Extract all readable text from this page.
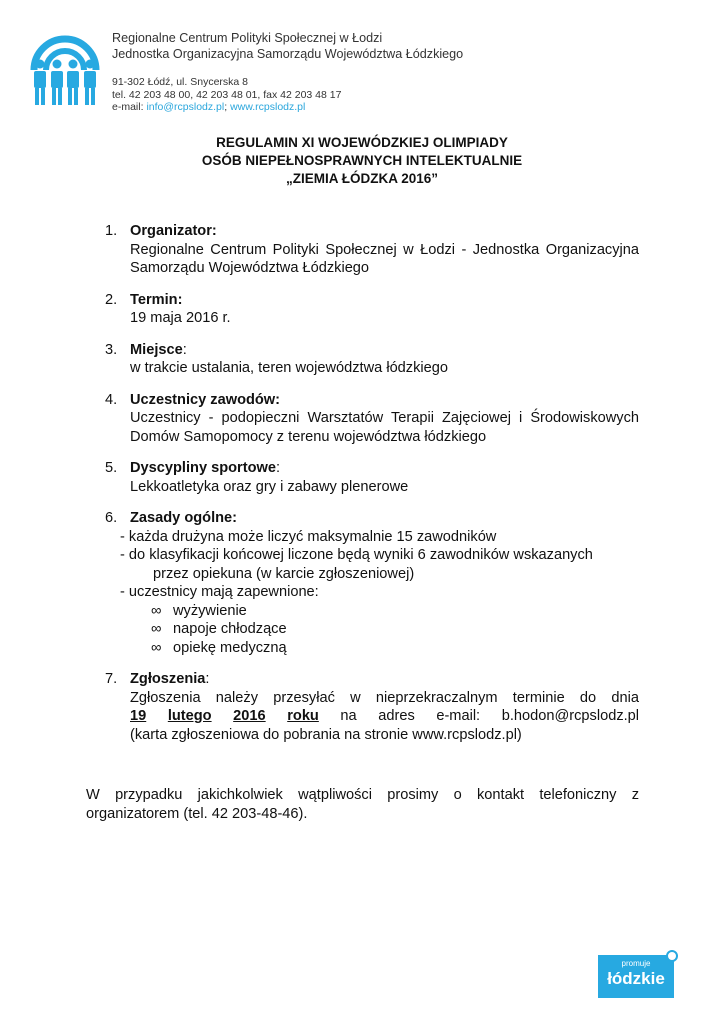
Regionalne Centrum Polityki Społecznej w Łodzi
Jednostka Organizacyjna Samorządu Województwa Łódzkiego
91-302 Łódź, ul. Snycerska 8
tel. 42 203 48 00, 42 203 48 01, fax 42 203 48 17
e-mail: info@rcpslodz.pl; www.rcpslodz.pl
REGULAMIN XI WOJEWÓDZKIEJ OLIMPIADY
OSÓB NIEPEŁNOSPRAWNYCH INTELEKTUALNIE
„ZIEMIA ŁÓDZKA 2016”
1. Organizator:
Regionalne Centrum Polityki Społecznej w Łodzi - Jednostka Organizacyjna Samorządu Województwa Łódzkiego
2. Termin:
19 maja 2016 r.
3. Miejsce :
w trakcie ustalania, teren województwa łódzkiego
4. Uczestnicy zawodów:
Uczestnicy - podopieczni Warsztatów Terapii Zajęciowej i Środowiskowych Domów Samopomocy z terenu województwa łódzkiego
5. Dyscypliny sportowe :
Lekkoatletyka oraz gry i zabawy plenerowe
6. Zasady ogólne:
- każda drużyna może liczyć maksymalnie 15 zawodników
- do klasyfikacji końcowej liczone będą wyniki 6 zawodników wskazanych
przez opiekuna (w karcie zgłoszeniowej)
- uczestnicy mają zapewnione:
∞ wyżywienie
∞ napoje chłodzące
∞ opiekę medyczną
7. Zgłoszenia :
Zgłoszenia należy przesyłać w nieprzekraczalnym terminie do dnia
19 lutego 2016 roku na adres e-mail: b.hodon@rcpslodz.pl
(karta zgłoszeniowa do pobrania na stronie www.rcpslodz.pl)
W przypadku jakichkolwiek wątpliwości prosimy o kontakt telefoniczny z organizatorem (tel. 42 203-48-46).
promuje
łódzkie
